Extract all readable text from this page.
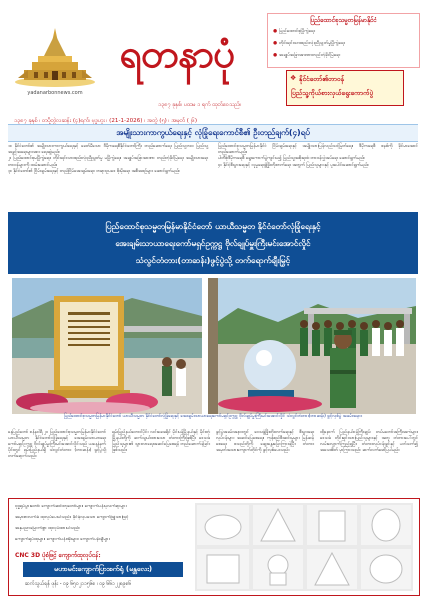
yadanarbonnews.com
ရတနာပုံ
၁၃၈၇ ခုနှစ်၊ ပထမ ၁ ရက် ထုတ်ဝေသည်။
၁၃၈၇ ခုနှစ် ၊ တပို့တွဲလဆန်း (၄)ရက်၊ ဗုဒ္ဓဟူး ၊ (21-1-2026) ၊ အတွဲ (၅) ၊ အမှတ် (၂၆)
ပြည်ထောင်စုသမ္မတမြန်မာနိုင်ငံ
● ပြည်ထောင်စုပြိုကွဲရေး
● တိုင်းရင်းသားစည်းလုံးညီညွတ်မှုပြိုကွဲရေး
● အချုပ်အခြာအာဏာတည်တံ့ခိုင်မြဲရေး
❖ နိုင်ငံတော်၏တာဝန်
ပြည်သူ့ကိုယ်စားလှယ်ရွေးကောက်ပွဲ
အမျိုးသားကာကွယ်ရေးနှင့် လုံခြုံရေးကောင်စီ၏ ဦးတည်ချက်(၄)ရပ်

၁။ နိုင်ငံတော်၏ အမျိုးသားကာကွယ်ရေးနှင့် ခေတ်မီသော ဒီမိုကရေစီနိုင်ငံတော်ကြီး တည်ဆောက်ရေး ပြည်သူ့ဘဝ၊ ပြည်သူ့အခွင့်အရေးများအား ရေးဆွဲမည်။

၂။ ပြည်ထောင်စုမပြိုကွဲရေး၊ တိုင်းရင်းသားစည်းလုံးညီညွတ်မှု မပြိုကွဲရေး၊ အချုပ်အခြာအာဏာ တည်တံ့ခိုင်မြဲရေး အမျိုးသားရေးတာဝန်များကို ထမ်းဆောင်မည်။

၃။ နိုင်ငံတော်၏ ငြိမ်းချမ်းရေးနှင့် တည်ငြိမ်အေးချမ်းရေး၊ တရားဥပဒေ စိုးမိုးရေး အစီအစဉ်များ ဆောင်ရွက်မည်။

ပြည်ထောင်စုသမ္မတမြန်မာနိုင်ငံ ငြိမ်းချမ်းရေးနှင့် အမျိုးသားပြန်လည်သင့်မြတ်ရေး၊ ဒီမိုကရေစီ စနစ်ကို ခိုင်မာအောင် တည်ဆောက်မည်။

ပါတီစုံဒီမိုကရေစီ ရွေးကောက်ပွဲကျင်းပ၍ ပြည်သူ့အစိုးရထံ တာဝန်လွှဲအပ်ရေး ဆောင်ရွက်မည်။

၄။ နိုင်ငံ့စီးပွားရေးနှင့် လူမှုရေးဖွံ့ဖြိုးတိုးတက်ရေး အတွက် ပြည်သူများနှင့် ပူးပေါင်းဆောင်ရွက်မည်။

ပြည်ထောင်စုသမ္မတမြန်မာနိုင်ငံတော် ယာယီသမ္မတ နိုင်ငံတော်လုံခြုံရေးနှင့်
အေးချမ်းသာယာရေးကော်မရှင်ဥက္ကဋ္ဌ ဗိုလ်ချုပ်မှူးကြီးမင်းအောင်လှိုင်
သံလွင်တံတား(တာဆန်း)ဖွင့်ပွဲသို့ တက်ရောက်ချီးမြှင့်
ပြည်ထောင်စုသမ္မတမြန်မာနိုင်ငံတော် ယာယီသမ္မတ နိုင်ငံတော်လုံခြုံရေးနှင့် အေးချမ်းသာယာရေးကော်မရှင်ဥက္ကဋ္ဌ ဗိုလ်ချုပ်မှူးကြီးမင်းအောင်လှိုင် သံလွင်တံတား(တာဆန်း) ဖွင့်လှစ်ပွဲ အခမ်းအနား

နေပြည်တော် ဇန်နဝါရီ ၂၀ ပြည်ထောင်စုသမ္မတမြန်မာနိုင်ငံတော် ယာယီသမ္မတ နိုင်ငံတော်လုံခြုံရေးနှင့် အေးချမ်းသာယာရေးကော်မရှင်ဥက္ကဋ္ဌ ဗိုလ်ချုပ်မှူးကြီးမင်းအောင်လှိုင်သည် ယနေ့နံနက်ပိုင်းတွင် ရှမ်းပြည်နယ်ရှိ သံလွင်တံတား (တာဆန်း) ဖွင့်ပွဲသို့ တက်ရောက်သည်။

ရှမ်းပြည်နယ်တောင်ပိုင်း လင်းခေးခရိုင် မိုင်းပန်မြို့နယ်နှင့် မိုင်းတုံမြို့နယ်တို့ကို ဆက်သွယ်ထားသော တံတားကြီးဖြစ်ပြီး ဒေသခံပြည်သူများ၏ သွားလာရေးအဆင်ပြေစေရန် တည်ဆောက်ခဲ့ခြင်းဖြစ်သည်။

ဖွင့်ပွဲအခမ်းအနားတွင် ဒေသဖွံ့ဖြိုးတိုးတက်ရေးနှင့် စီးပွားရေးလုပ်ငန်းများ အဆင်ပြေစေရေး၊ ကုန်စည်စီးဆင်းမှုများ မြန်ဆန်စေရေး စသည်တို့ကို ဆွေးနွေးပြောကြားခဲ့ပြီး တံတားအမှတ်အသားကျောက်တိုင်ကို ဖွင့်လှစ်ပေးသည်။

ထို့နောက် ပြည်နယ်ဝန်ကြီးချုပ်၊ တပ်မတော်အကြီးအကဲများ၊ ဒေသခံ တိုင်းရင်းသားပြည်သူများနှင့် အတူ တံတားပေါ်တွင် လမ်းလျှောက်ကြည့်ရှုပြီး တံတားလုပ်ငန်းခွင်နှင့် ပတ်သက်၍ အသေးစိတ် မှာကြားသည်။ ဆက်လက်ဖော်ပြပါမည်။

ဗုဒ္ဓရုပ်ပွားတော်၊ ကျောက်ဆင်းတုတော်များ၊ ကျောက်ပန်းပုလက်ရာများ
အမှာစာလက်ခံ ထုလုပ်ပေးပါသည်။ ခိုင်ခံ့လှပသော ကျောက်ဖြူသားဖြင့်
အနုပညာမြောက်စွာ ထုလုပ်ထားပါသည်။
ကျောက်ရုပ်ထုများ၊ ကျောက်ပန်းအိုးများ၊ ကျောက်ပန်းချီများ
CNC 3D ပုံစံဖြင့် ကျောက်ထုလုပ်ငန်း
မဟာမင်းကျောက်ပြားစက်ရုံ (မန္တလေး)
ဆက်သွယ်ရန် ဖုန်း - ၀၉ ၆၅၀၂၁၁၅၆၈ ၊ ၀၉ ၆၆၁၂၂၈၉၈၆
